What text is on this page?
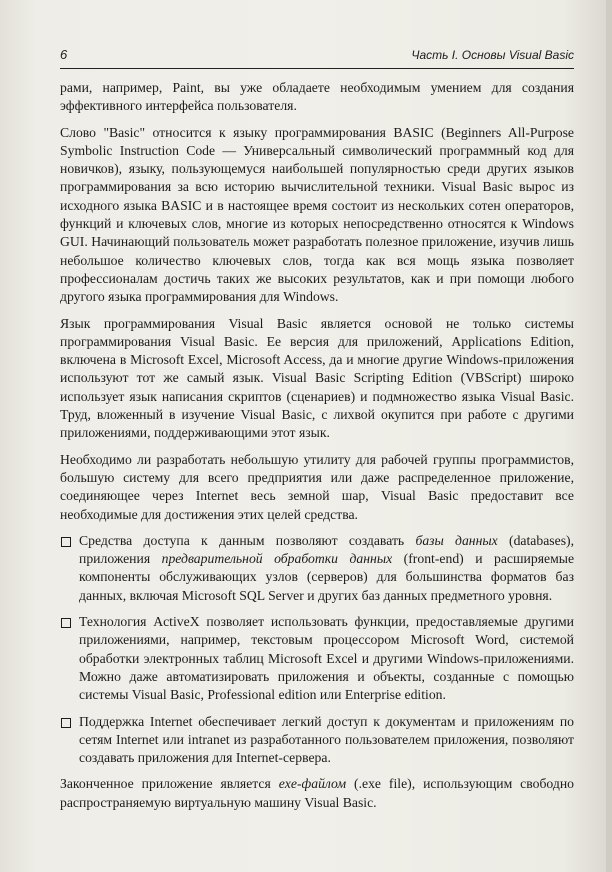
6	Часть I. Основы Visual Basic

рами, например, Paint, вы уже обладаете необходимым умением для создания эффективного интерфейса пользователя.

Слово "Basic" относится к языку программирования BASIC (Beginners All-Purpose Symbolic Instruction Code — Универсальный символический программный код для новичков), языку, пользующемуся наибольшей популярностью среди других языков программирования за всю историю вычислительной техники. Visual Basic вырос из исходного языка BASIC и в настоящее время состоит из нескольких сотен операторов, функций и ключевых слов, многие из которых непосредственно относятся к Windows GUI. Начинающий пользователь может разработать полезное приложение, изучив лишь небольшое количество ключевых слов, тогда как вся мощь языка позволяет профессионалам достичь таких же высоких результатов, как и при помощи любого другого языка программирования для Windows.

Язык программирования Visual Basic является основой не только системы программирования Visual Basic. Ее версия для приложений, Applications Edition, включена в Microsoft Excel, Microsoft Access, да и многие другие Windows-приложения используют тот же самый язык. Visual Basic Scripting Edition (VBScript) широко использует язык написания скриптов (сценариев) и подмножество языка Visual Basic. Труд, вложенный в изучение Visual Basic, с лихвой окупится при работе с другими приложениями, поддерживающими этот язык.

Необходимо ли разработать небольшую утилиту для рабочей группы программистов, большую систему для всего предприятия или даже распределенное приложение, соединяющее через Internet весь земной шар, Visual Basic предоставит все необходимые для достижения этих целей средства.

Средства доступа к данным позволяют создавать базы данных (databases), приложения предварительной обработки данных (front-end) и расширяемые компоненты обслуживающих узлов (серверов) для большинства форматов баз данных, включая Microsoft SQL Server и других баз данных предметного уровня.
Технология ActiveX позволяет использовать функции, предоставляемые другими приложениями, например, текстовым процессором Microsoft Word, системой обработки электронных таблиц Microsoft Excel и другими Windows-приложениями. Можно даже автоматизировать приложения и объекты, созданные с помощью системы Visual Basic, Professional edition или Enterprise edition.
Поддержка Internet обеспечивает легкий доступ к документам и приложениям по сетям Internet или intranet из разработанного пользователем приложения, позволяют создавать приложения для Internet-сервера.

Законченное приложение является exe-файлом (.exe file), использующим свободно распространяемую виртуальную машину Visual Basic.
